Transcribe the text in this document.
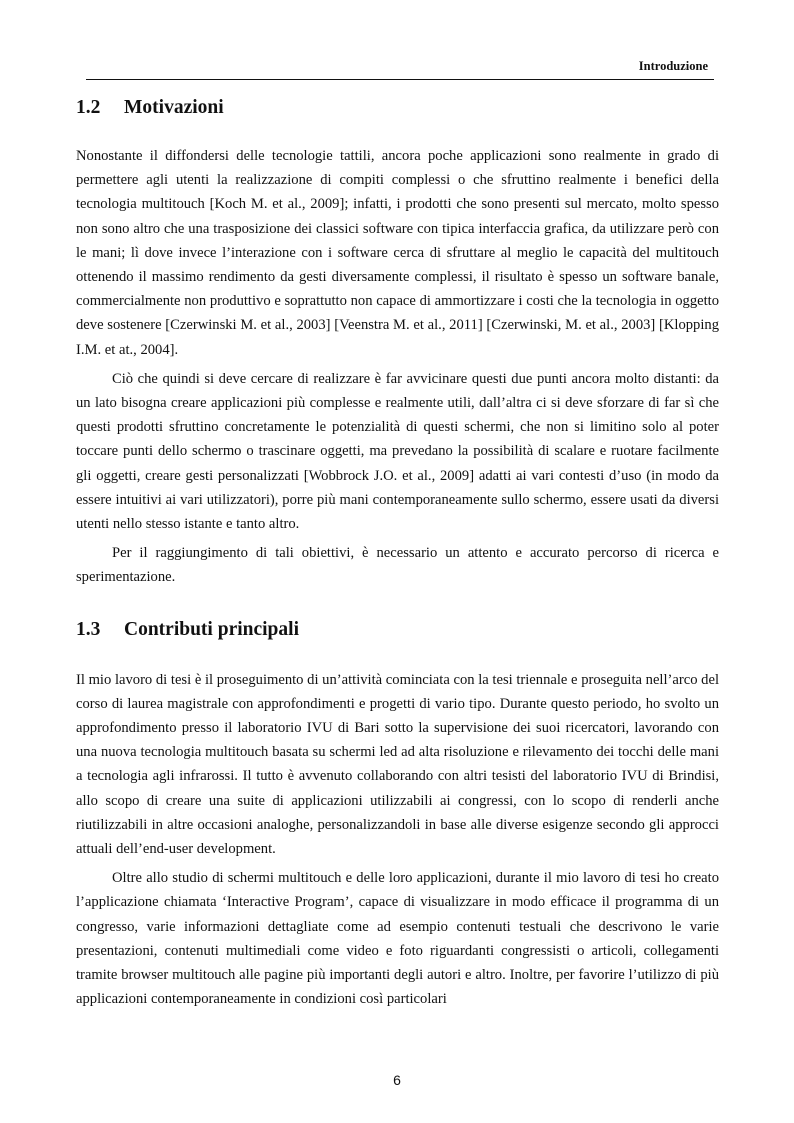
Introduzione
1.2 Motivazioni

Nonostante il diffondersi delle tecnologie tattili, ancora poche applicazioni sono realmente in grado di permettere agli utenti la realizzazione di compiti complessi o che sfruttino realmente i benefici della tecnologia multitouch [Koch M. et al., 2009]; infatti, i prodotti che sono presenti sul mercato, molto spesso non sono altro che una trasposizione dei classici software con tipica interfaccia grafica, da utilizzare però con le mani; lì dove invece l’interazione con i software cerca di sfruttare al meglio le capacità del multitouch ottenendo il massimo rendimento da gesti diversamente complessi, il risultato è spesso un software banale, commercialmente non produttivo e soprattutto non capace di ammortizzare i costi che la tecnologia in oggetto deve sostenere [Czerwinski M. et al., 2003] [Veenstra M. et al., 2011] [Czerwinski, M. et al., 2003] [Klopping I.M. et at., 2004].

Ciò che quindi si deve cercare di realizzare è far avvicinare questi due punti ancora molto distanti: da un lato bisogna creare applicazioni più complesse e realmente utili, dall’altra ci si deve sforzare di far sì che questi prodotti sfruttino concretamente le potenzialità di questi schermi, che non si limitino solo al poter toccare punti dello schermo o trascinare oggetti, ma prevedano la possibilità di scalare e ruotare facilmente gli oggetti, creare gesti personalizzati [Wobbrock J.O. et al., 2009] adatti ai vari contesti d’uso (in modo da essere intuitivi ai vari utilizzatori), porre più mani contemporaneamente sullo schermo, essere usati da diversi utenti nello stesso istante e tanto altro.

Per il raggiungimento di tali obiettivi, è necessario un attento e accurato percorso di ricerca e sperimentazione.

1.3 Contributi principali

Il mio lavoro di tesi è il proseguimento di un’attività cominciata con la tesi triennale e proseguita nell’arco del corso di laurea magistrale con approfondimenti e progetti di vario tipo. Durante questo periodo, ho svolto un approfondimento presso il laboratorio IVU di Bari sotto la supervisione dei suoi ricercatori, lavorando con una nuova tecnologia multitouch basata su schermi led ad alta risoluzione e rilevamento dei tocchi delle mani a tecnologia agli infrarossi. Il tutto è avvenuto collaborando con altri tesisti del laboratorio IVU di Brindisi, allo scopo di creare una suite di applicazioni utilizzabili ai congressi, con lo scopo di renderli anche riutilizzabili in altre occasioni analoghe, personalizzandoli in base alle diverse esigenze secondo gli approcci attuali dell’end-user development.

Oltre allo studio di schermi multitouch e delle loro applicazioni, durante il mio lavoro di tesi ho creato l’applicazione chiamata ‘Interactive Program’, capace di visualizzare in modo efficace il programma di un congresso, varie informazioni dettagliate come ad esempio contenuti testuali che descrivono le varie presentazioni, contenuti multimediali come video e foto riguardanti congressisti o articoli, collegamenti tramite browser multitouch alle pagine più importanti degli autori e altro. Inoltre, per favorire l’utilizzo di più applicazioni contemporaneamente in condizioni così particolari

6
